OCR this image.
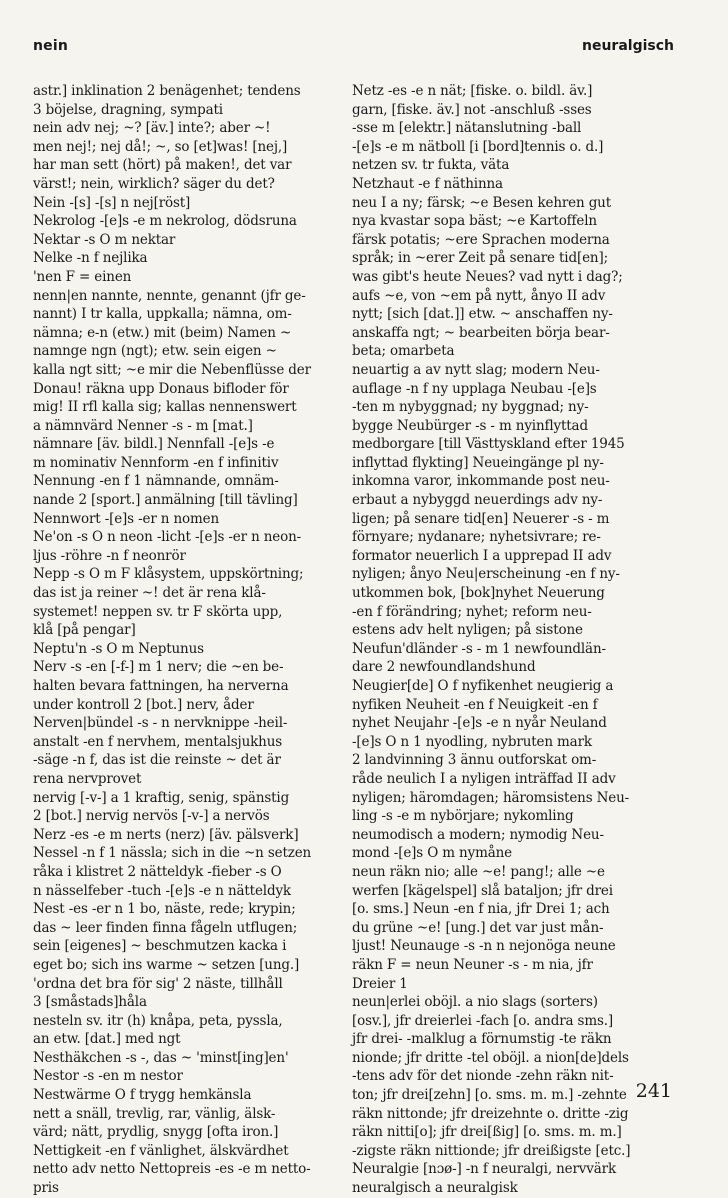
nein	neuralgisch
astr.] inklination 2 benägenhet; tendens
3 böjelse, dragning, sympati
nein adv nej; ~? [äv.] inte?; aber ~!
men nej!; nej då!; ~, so [et]was! [nej,]
har man sett (hört) på maken!, det var
värst!; nein, wirklich? säger du det?
Nein -[s] -[s] n nej[röst]
Nekrolog -[e]s -e m nekrolog, dödsruna
Nektar -s O m nektar
Nelke -n f nejlika
'nen F = einen
nenn|en nannte, nennte, genannt (jfr ge-
nannt) I tr kalla, uppkalla; nämna, om-
nämna; e-n (etw.) mit (beim) Namen ~
namnge ngn (ngt); etw. sein eigen ~
kalla ngt sitt; ~e mir die Nebenflüsse der
Donau! räkna upp Donaus bifloder för
mig! II rfl kalla sig; kallas nennenswert
a nämnvärd Nenner -s - m [mat.]
nämnare [äv. bildl.] Nennfall -[e]s -e
m nominativ Nennform -en f infinitiv
Nennung -en f 1 nämnande, omnäm-
nande 2 [sport.] anmälning [till tävling]
Nennwort -[e]s -er n nomen
Ne'on -s O n neon -licht -[e]s -er n neon-
ljus -röhre -n f neonrör
Nepp -s O m F klåsystem, uppskörtning;
das ist ja reiner ~! det är rena klå-
systemet! neppen sv. tr F skörta upp,
klå [på pengar]
Neptu'n -s O m Neptunus
Nerv -s -en [-f-] m 1 nerv; die ~en be-
halten bevara fattningen, ha nerverna
under kontroll 2 [bot.] nerv, åder
Nerven|bündel -s - n nervknippe -heil-
anstalt -en f nervhem, mentalsjukhus
-säge -n f, das ist die reinste ~ det är
rena nervprovet
nervig [-v-] a 1 kraftig, senig, spänstig
2 [bot.] nervig nervös [-v-] a nervös
Nerz -es -e m nerts (nerz) [äv. pälsverk]
Nessel -n f 1 nässla; sich in die ~n setzen
råka i klistret 2 nätteldyk -fieber -s O
n nässelfeber -tuch -[e]s -e n nätteldyk
Nest -es -er n 1 bo, näste, rede; krypin;
das ~ leer finden finna fågeln utflugen;
sein [eigenes] ~ beschmutzen kacka i
eget bo; sich ins warme ~ setzen [ung.]
'ordna det bra för sig' 2 näste, tillhåll
3 [småstads]håla
nesteln sv. itr (h) knåpa, peta, pyssla,
an etw. [dat.] med ngt
Nesthäkchen -s -, das ~ 'minst[ing]en'
Nestor -s -en m nestor
Nestwärme O f trygg hemkänsla
nett a snäll, trevlig, rar, vänlig, älsk-
värd; nätt, prydlig, snygg [ofta iron.]
Nettigkeit -en f vänlighet, älskvärdhet
netto adv netto Nettopreis -es -e m netto-
pris
Netz -es -e n nät; [fiske. o. bildl. äv.]
garn, [fiske. äv.] not -anschluß -sses
-sse m [elektr.] nätanslutning -ball
-[e]s -e m nätboll [i [bord]tennis o. d.]
netzen sv. tr fukta, väta
Netzhaut -e f näthinna
neu I a ny; färsk; ~e Besen kehren gut
nya kvastar sopa bäst; ~e Kartoffeln
färsk potatis; ~ere Sprachen moderna
språk; in ~erer Zeit på senare tid[en];
was gibt's heute Neues? vad nytt i dag?;
aufs ~e, von ~em på nytt, ånyo II adv
nytt; [sich [dat.]] etw. ~ anschaffen ny-
anskaffa ngt; ~ bearbeiten börja bear-
beta; omarbeta
neuartig a av nytt slag; modern Neu-
auflage -n f ny upplaga Neubau -[e]s
-ten m nybyggnad; ny byggnad; ny-
bygge Neubürger -s - m nyinflyttad
medborgare [till Västtyskland efter 1945
inflyttad flykting] Neueingänge pl ny-
inkomna varor, inkommande post neu-
erbaut a nybyggd neuerdings adv ny-
ligen; på senare tid[en] Neuerer -s - m
förnyare; nydanare; nyhetsivrare; re-
formator neuerlich I a upprepad II adv
nyligen; ånyo Neu|erscheinung -en f ny-
utkommen bok, [bok]nyhet Neuerung
-en f förändring; nyhet; reform neu-
estens adv helt nyligen; på sistone
Neufun'dländer -s - m 1 newfoundlän-
dare 2 newfoundlandshund
Neugier[de] O f nyfikenhet neugierig a
nyfiken Neuheit -en f Neuigkeit -en f
nyhet Neujahr -[e]s -e n nyår Neuland
-[e]s O n 1 nyodling, nybruten mark
2 landvinning 3 ännu outforskat om-
råde neulich I a nyligen inträffad II adv
nyligen; häromdagen; häromsistens Neu-
ling -s -e m nybörjare; nykomling
neumodisch a modern; nymodig Neu-
mond -[e]s O m nymåne
neun räkn nio; alle ~e! pang!; alle ~e
werfen [kägelspel] slå bataljon; jfr drei
[o. sms.] Neun -en f nia, jfr Drei 1; ach
du grüne ~e! [ung.] det var just mån-
ljust! Neunauge -s -n n nejonöga neune
räkn F = neun Neuner -s - m nia, jfr
Dreier 1
neun|erlei oböjl. a nio slags (sorters)
[osv.], jfr dreierlei -fach [o. andra sms.]
jfr drei- -malklug a förnumstig -te räkn
nionde; jfr dritte -tel oböjl. a nion[de]dels
-tens adv för det nionde -zehn räkn nit-
ton; jfr drei[zehn] [o. sms. m. m.] -zehnte
räkn nittonde; jfr dreizehnte o. dritte -zig
räkn nitti[o]; jfr drei[ßig] [o. sms. m. m.]
-zigste räkn nittionde; jfr dreißigste [etc.]
Neuralgie [nɔø-] -n f neuralgi, nervvärk
neuralgisch a neuralgisk
241
